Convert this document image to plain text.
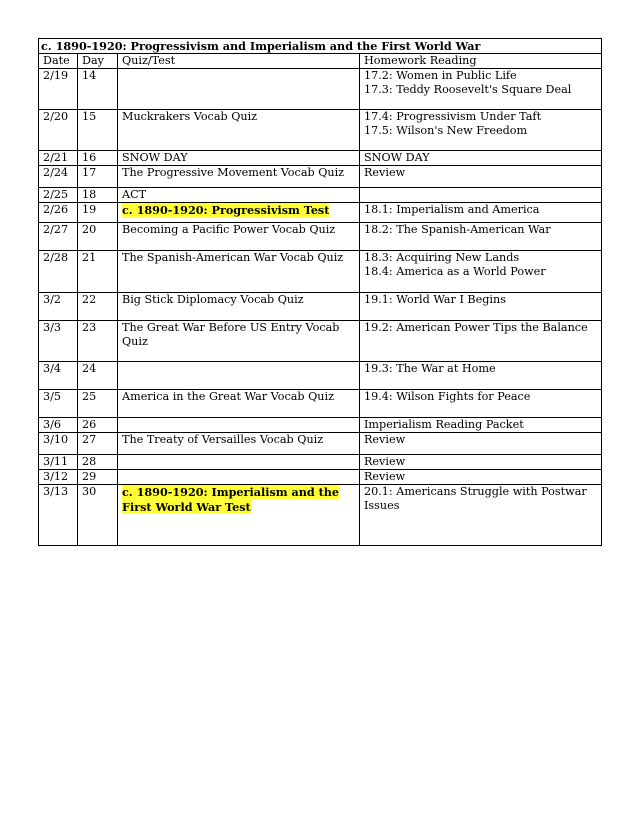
c. 1890-1920: Progressivism and Imperialism and the First World War			
Date	Day	Quiz/Test	Homework Reading
2/19	14		17.2: Women in Public Life
17.3: Teddy Roosevelt's Square Deal

2/20	15	Muckrakers Vocab Quiz	17.4: Progressivism Under Taft
17.5: Wilson's New Freedom

2/21	16	SNOW DAY	SNOW DAY

2/24	17	The Progressive Movement Vocab Quiz	Review

2/25	18	ACT	

2/26	19	c. 1890-1920: Progressivism Test	18.1: Imperialism and America

2/27	20	Becoming a Pacific Power Vocab Quiz	18.2: The Spanish-American War

2/28	21	The Spanish-American War Vocab Quiz	18.3: Acquiring New Lands
18.4: America as a World Power

3/2	22	Big Stick Diplomacy Vocab Quiz	19.1: World War I Begins

3/3	23	The Great War Before US Entry Vocab Quiz	19.2: American Power Tips the Balance

3/4	24		19.3: The War at Home

3/5	25	America in the Great War Vocab Quiz	19.4: Wilson Fights for Peace

3/6	26		Imperialism Reading Packet

3/10	27	The Treaty of Versailles Vocab Quiz	Review

3/11	28		Review

3/12	29		Review

3/13	30	c. 1890-1920: Imperialism and the First World War Test	20.1: Americans Struggle with Postwar Issues
